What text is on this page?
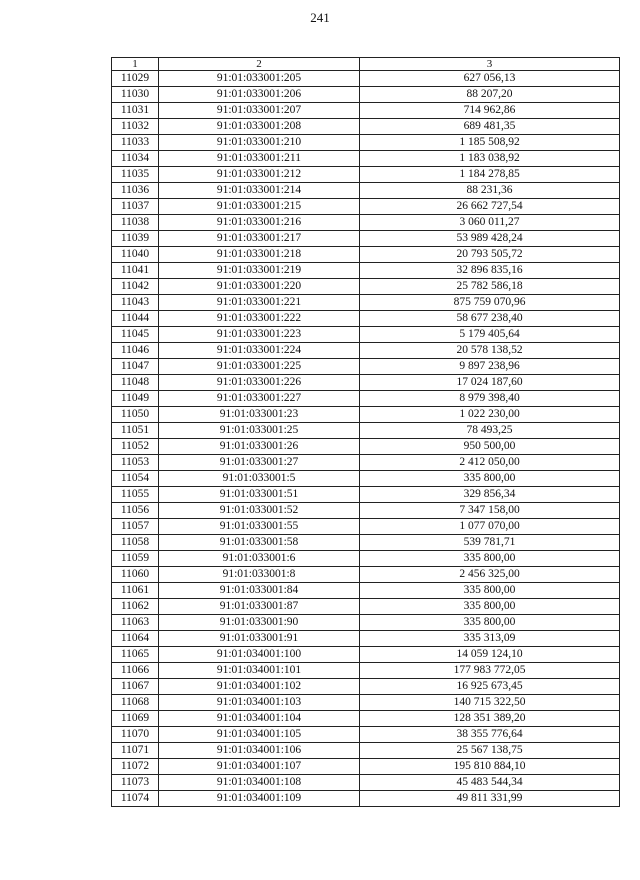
241
1	2	3
11029	91:01:033001:205	627 056,13
11030	91:01:033001:206	88 207,20
11031	91:01:033001:207	714 962,86
11032	91:01:033001:208	689 481,35
11033	91:01:033001:210	1 185 508,92
11034	91:01:033001:211	1 183 038,92
11035	91:01:033001:212	1 184 278,85
11036	91:01:033001:214	88 231,36
11037	91:01:033001:215	26 662 727,54
11038	91:01:033001:216	3 060 011,27
11039	91:01:033001:217	53 989 428,24
11040	91:01:033001:218	20 793 505,72
11041	91:01:033001:219	32 896 835,16
11042	91:01:033001:220	25 782 586,18
11043	91:01:033001:221	875 759 070,96
11044	91:01:033001:222	58 677 238,40
11045	91:01:033001:223	5 179 405,64
11046	91:01:033001:224	20 578 138,52
11047	91:01:033001:225	9 897 238,96
11048	91:01:033001:226	17 024 187,60
11049	91:01:033001:227	8 979 398,40
11050	91:01:033001:23	1 022 230,00
11051	91:01:033001:25	78 493,25
11052	91:01:033001:26	950 500,00
11053	91:01:033001:27	2 412 050,00
11054	91:01:033001:5	335 800,00
11055	91:01:033001:51	329 856,34
11056	91:01:033001:52	7 347 158,00
11057	91:01:033001:55	1 077 070,00
11058	91:01:033001:58	539 781,71
11059	91:01:033001:6	335 800,00
11060	91:01:033001:8	2 456 325,00
11061	91:01:033001:84	335 800,00
11062	91:01:033001:87	335 800,00
11063	91:01:033001:90	335 800,00
11064	91:01:033001:91	335 313,09
11065	91:01:034001:100	14 059 124,10
11066	91:01:034001:101	177 983 772,05
11067	91:01:034001:102	16 925 673,45
11068	91:01:034001:103	140 715 322,50
11069	91:01:034001:104	128 351 389,20
11070	91:01:034001:105	38 355 776,64
11071	91:01:034001:106	25 567 138,75
11072	91:01:034001:107	195 810 884,10
11073	91:01:034001:108	45 483 544,34
11074	91:01:034001:109	49 811 331,99
